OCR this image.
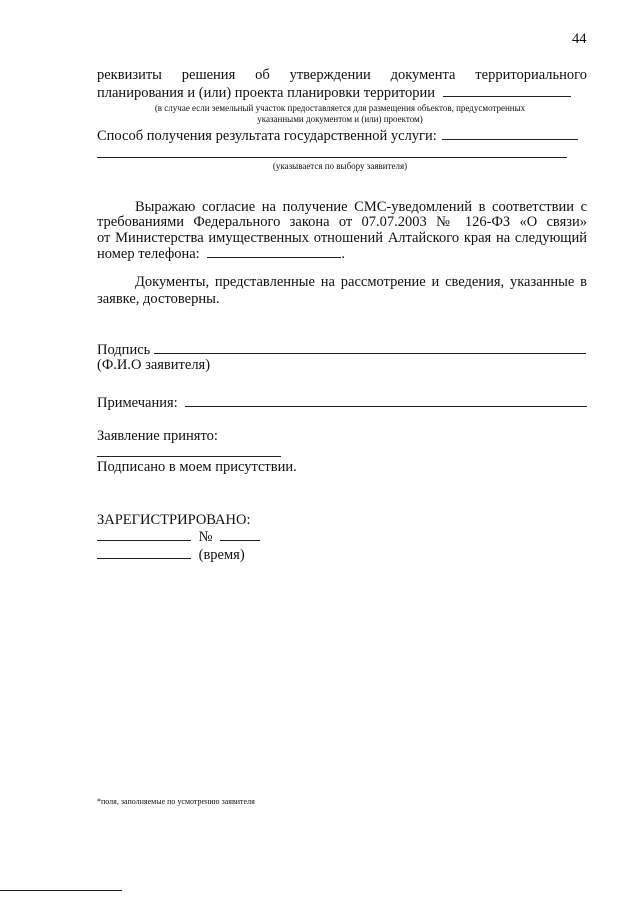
44
реквизиты решения об утверждении документа территориального
планирования и (или) проекта планировки территории
(в случае если земельный участок предоставляется для размещения объектов, предусмотренных
указанными документом и (или) проектом)
Способ получения результата государственной услуги:
(указывается по выбору заявителя)
Выражаю согласие на получение СМС-уведомлений в соответствии с
требованиями Федерального закона от 07.07.2003 № 126-ФЗ «О связи»
от Министерства имущественных отношений Алтайского края на следующий
номер телефона:	.
Документы, представленные на рассмотрение и сведения, указанные в
заявке, достоверны.
Подпись
(Ф.И.О заявителя)
Примечания:
Заявление принято:
Подписано в моем присутствии.
ЗАРЕГИСТРИРОВАНО:
№
(время)
*поля, заполняемые по усмотрению заявителя
